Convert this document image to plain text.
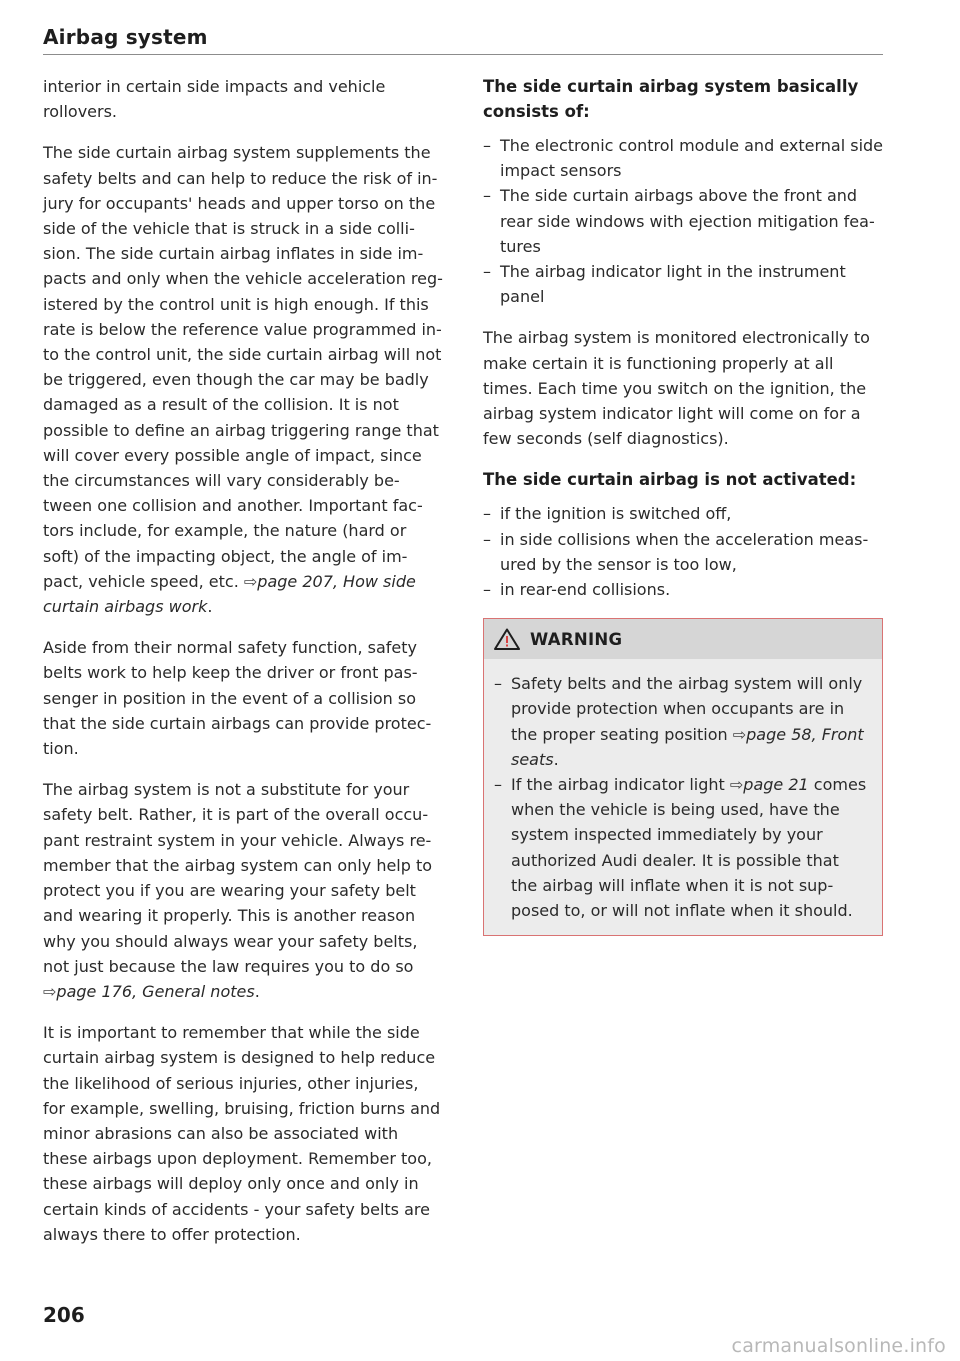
Airbag system

interior in certain side impacts and vehicle rollovers.

The side curtain airbag system supplements the safety belts and can help to reduce the risk of in-jury for occupants' heads and upper torso on the side of the vehicle that is struck in a side colli-sion. The side curtain airbag inflates in side im-pacts and only when the vehicle acceleration reg-istered by the control unit is high enough. If this rate is below the reference value programmed in-to the control unit, the side curtain airbag will not be triggered, even though the car may be badly damaged as a result of the collision. It is not possible to define an airbag triggering range that will cover every possible angle of impact, since the circumstances will vary considerably be-tween one collision and another. Important fac-tors include, for example, the nature (hard or soft) of the impacting object, the angle of im-pact, vehicle speed, etc. ⇨page 207, How side curtain airbags work.

Aside from their normal safety function, safety belts work to help keep the driver or front pas-senger in position in the event of a collision so that the side curtain airbags can provide protec-tion.

The airbag system is not a substitute for your safety belt. Rather, it is part of the overall occu-pant restraint system in your vehicle. Always re-member that the airbag system can only help to protect you if you are wearing your safety belt and wearing it properly. This is another reason why you should always wear your safety belts, not just because the law requires you to do so ⇨page 176, General notes.

It is important to remember that while the side curtain airbag system is designed to help reduce the likelihood of serious injuries, other injuries, for example, swelling, bruising, friction burns and minor abrasions can also be associated with these airbags upon deployment. Remember too, these airbags will deploy only once and only in certain kinds of accidents - your safety belts are always there to offer protection.

The side curtain airbag system basically consists of:
– The electronic control module and external side impact sensors
– The side curtain airbags above the front and rear side windows with ejection mitigation fea-tures
– The airbag indicator light in the instrument panel

The airbag system is monitored electronically to make certain it is functioning properly at all times. Each time you switch on the ignition, the airbag system indicator light will come on for a few seconds (self diagnostics).

The side curtain airbag is not activated:
– if the ignition is switched off,
– in side collisions when the acceleration meas-ured by the sensor is too low,
– in rear-end collisions.
WARNING
– Safety belts and the airbag system will only provide protection when occupants are in the proper seating position ⇨page 58, Front seats.
– If the airbag indicator light ⇨page 21 comes when the vehicle is being used, have the system inspected immediately by your authorized Audi dealer. It is possible that the airbag will inflate when it is not sup-posed to, or will not inflate when it should.
206
carmanualsonline.info
